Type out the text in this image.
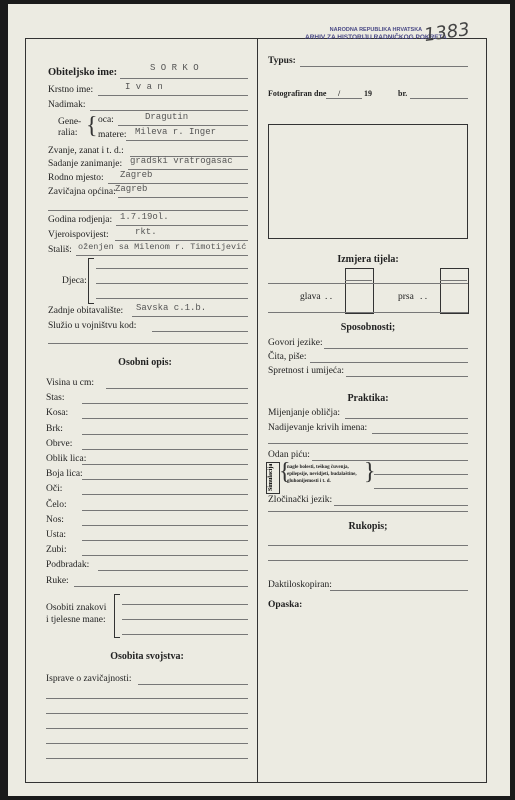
NARODNA REPUBLIKA HRVATSKA
ARHIV ZA HISTORIJU RADNIČKOG POKRETA
1383
Obiteljsko ime:	S O R K O
Krstno ime:	I v a n
Nadimak:
Gene-
ralia: { oca:	Dragutin
matere: Mileva r. Inger
Zvanje, zanat i t. d.:
Sadanje zanimanje: gradski vratrogasac
Rodno mjesto: Zagreb
Zavičajna općina: Zagreb
Godina rodjenja: 1.7.19ol.
Vjeroispovijest:	rkt.
Stališ: oženjen sa Milenom r. Timotijević
Djeca:
Zadnje obitavalište: Savska c.1.b.
Služio u vojništvu kod:
Osobni opis:
Visina u cm:
Stas:
Kosa:
Brk:
Obrve:
Oblik lica:
Boja lica:
Oči:
Čelo:
Nos:
Usta:
Zubi:
Podbradak:
Ruke:
Osobiti znakovi
i tjelesne mane:
Osobita svojstva:
Isprave o zavičajnosti:
Typus:
Fotografiran dne /	19	br.
Izmjera tijela:
glava . .	prsa . .
Sposobnosti;
Govori jezike:
Čita, piše:
Spretnost i umijeća:
Praktika:
Mijenjanje obličja:
Nadijevanje krivih imena:
Odan piću:
Simulacija {
nagle bolesti, teškog čuvenja, epilepsije, nevidjeti, budalaštine, gluhonijemosti i t. d.	}
Zločinački jezik:
Rukopis;
Daktiloskopiran:
Opaska:
